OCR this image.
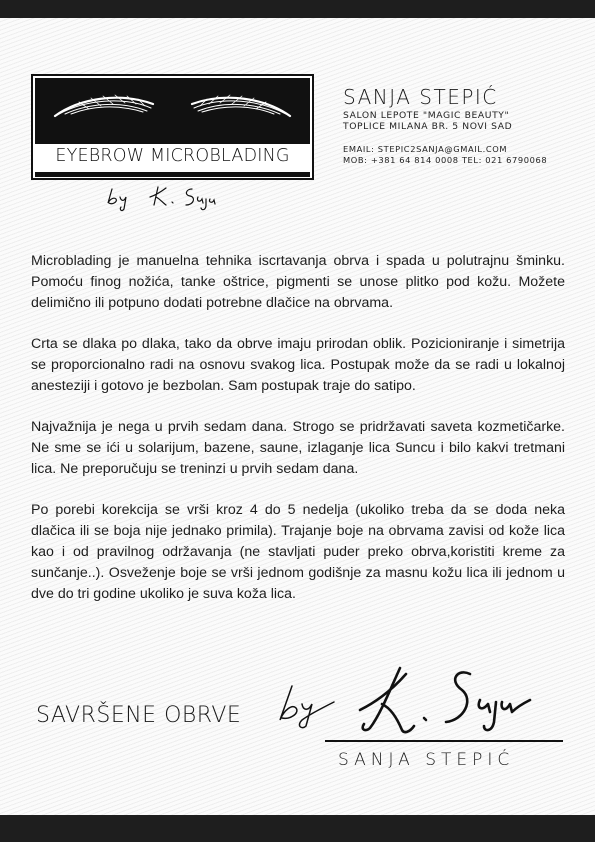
EYEBROW MICROBLADING
SANJA STEPIĆ
SALON LEPOTE "MAGIC BEAUTY"
TOPLICE MILANA BR. 5 NOVI SAD
EMAIL: STEPIC2SANJA@GMAIL.COM
MOB: +381 64 814 0008 TEL: 021 6790068

Microblading je manuelna tehnika iscrtavanja obrva i spada u polutrajnu šminku. Pomoću finog nožića, tanke oštrice, pigmenti se unose plitko pod kožu. Možete delimično ili potpuno dodati potrebne dlačice na obrvama.

Crta se dlaka po dlaka, tako da obrve imaju prirodan oblik. Pozicioniranje i simetrija se proporcionalno radi na osnovu svakog lica. Postupak može da se radi u lokalnoj anesteziji i gotovo je bezbolan. Sam postupak traje do satipo.

Najvažnija je nega u prvih sedam dana. Strogo se pridržavati saveta kozmetičarke. Ne sme se ići u solarijum, bazene, saune, izlaganje lica Suncu i bilo kakvi tretmani lica. Ne preporučuju se treninzi u prvih sedam dana.

Po porebi korekcija se vrši kroz 4 do 5 nedelja (ukoliko treba da se doda neka dlačica ili se boja nije jednako primila). Trajanje boje na obrvama zavisi od kože lica kao i od pravilnog održavanja (ne stavljati puder preko obrva,koristiti kreme za sunčanje..). Osveženje boje se vrši jednom godišnje za masnu kožu lica ili jednom u dve do tri godine ukoliko je suva koža lica.

SAVRŠENE OBRVE
SANJA STEPIĆ
